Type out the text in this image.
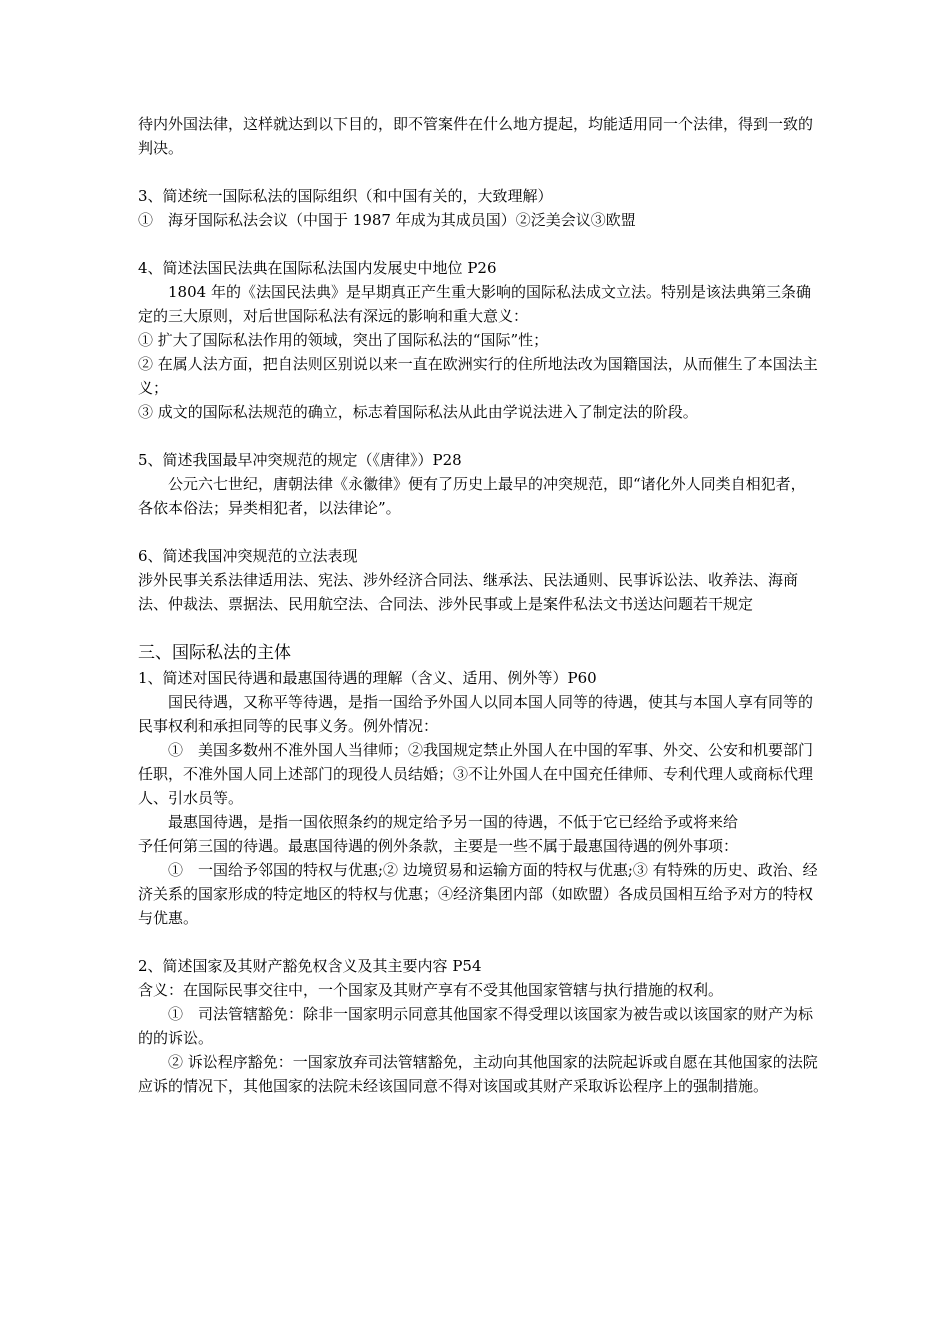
待内外国法律，这样就达到以下目的，即不管案件在什么地方提起，均能适用同一个法律，得到一致的判决。

3、简述统一国际私法的国际组织（和中国有关的，大致理解）

①　海牙国际私法会议（中国于 1987 年成为其成员国）②泛美会议③欧盟

4、简述法国民法典在国际私法国内发展史中地位 P26

1804 年的《法国民法典》是早期真正产生重大影响的国际私法成文立法。特别是该法典第三条确定的三大原则，对后世国际私法有深远的影响和重大意义：

① 扩大了国际私法作用的领域，突出了国际私法的“国际”性；

② 在属人法方面，把自法则区别说以来一直在欧洲实行的住所地法改为国籍国法，从而催生了本国法主义；

③ 成文的国际私法规范的确立，标志着国际私法从此由学说法进入了制定法的阶段。

5、简述我国最早冲突规范的规定（《唐律》）P28

公元六七世纪，唐朝法律《永徽律》便有了历史上最早的冲突规范，即“诸化外人同类自相犯者，各依本俗法；异类相犯者，以法律论”。

6、简述我国冲突规范的立法表现

涉外民事关系法律适用法、宪法、涉外经济合同法、继承法、民法通则、民事诉讼法、收养法、海商法、仲裁法、票据法、民用航空法、合同法、涉外民事或上是案件私法文书送达问题若干规定

三、国际私法的主体

1、简述对国民待遇和最惠国待遇的理解（含义、适用、例外等）P60

国民待遇，又称平等待遇，是指一国给予外国人以同本国人同等的待遇，使其与本国人享有同等的民事权利和承担同等的民事义务。例外情况：

①　美国多数州不准外国人当律师；②我国规定禁止外国人在中国的军事、外交、公安和机要部门任职，不准外国人同上述部门的现役人员结婚；③不让外国人在中国充任律师、专利代理人或商标代理人、引水员等。

最惠国待遇，是指一国依照条约的规定给予另一国的待遇，不低于它已经给予或将来给

予任何第三国的待遇。最惠国待遇的例外条款，主要是一些不属于最惠国待遇的例外事项：

①　一国给予邻国的特权与优惠;② 边境贸易和运输方面的特权与优惠;③ 有特殊的历史、政治、经济关系的国家形成的特定地区的特权与优惠；④经济集团内部（如欧盟）各成员国相互给予对方的特权与优惠。

2、简述国家及其财产豁免权含义及其主要内容 P54

含义：在国际民事交往中，一个国家及其财产享有不受其他国家管辖与执行措施的权利。

①　司法管辖豁免：除非一国家明示同意其他国家不得受理以该国家为被告或以该国家的财产为标的的诉讼。

② 诉讼程序豁免：一国家放弃司法管辖豁免，主动向其他国家的法院起诉或自愿在其他国家的法院应诉的情况下，其他国家的法院未经该国同意不得对该国或其财产采取诉讼程序上的强制措施。
